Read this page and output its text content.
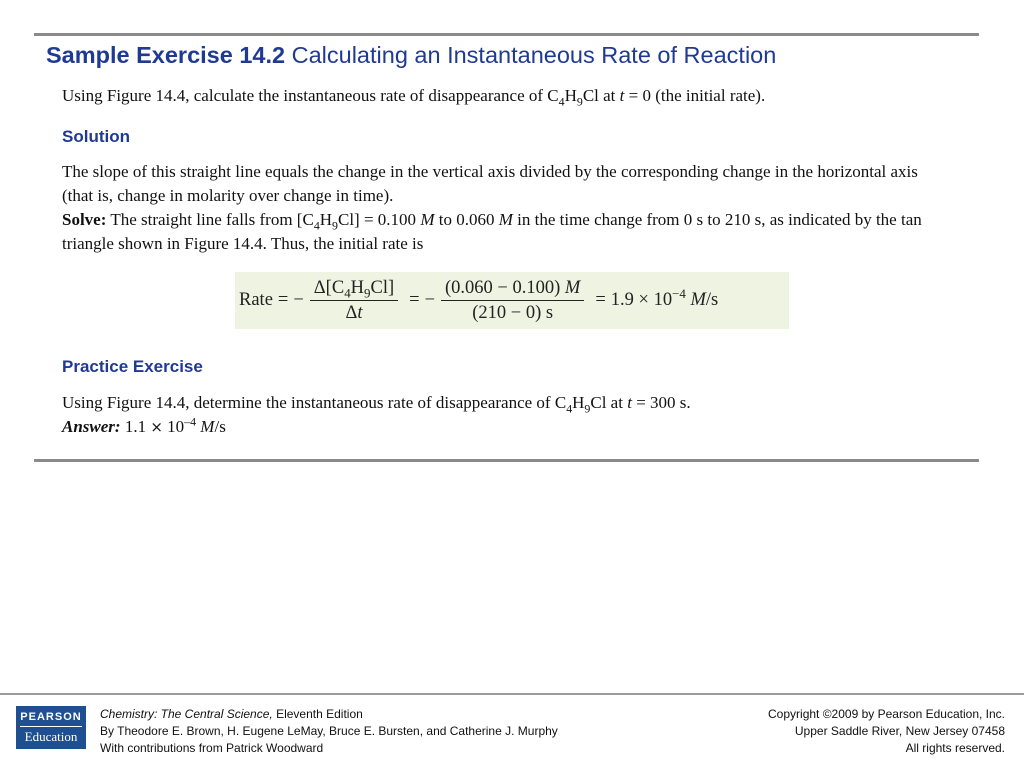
Sample Exercise 14.2 Calculating an Instantaneous Rate of Reaction
Using Figure 14.4, calculate the instantaneous rate of disappearance of $C_4H_9Cl$ at t = 0 (the initial rate).
Solution
The slope of this straight line equals the change in the vertical axis divided by the corresponding change in the horizontal axis (that is, change in molarity over change in time).
Solve: The straight line falls from $[C_4H_9Cl] = 0.100$ M to 0.060 M in the time change from 0 s to 210 s, as indicated by the tan triangle shown in Figure 14.4. Thus, the initial rate is
Rate = − $\frac{\Delta[C_4H_9Cl]}{\Delta t}$ = − $\frac{(0.060 - 0.100) M}{(210 - 0) s} = 1.9 \times 10^{-4}$ M/s
Practice Exercise
Using Figure 14.4, determine the instantaneous rate of disappearance of $C_4H_9Cl$ at t = 300 s.
Answer: $1.1 \times 10^{-4}$ M/s
PEARSON
Education
Chemistry: The Central Science, Eleventh Edition
By Theodore E. Brown, H. Eugene LeMay, Bruce E. Bursten, and Catherine J. Murphy
With contributions from Patrick Woodward
Copyright ©2009 by Pearson Education, Inc.
Upper Saddle River, New Jersey 07458
All rights reserved.
